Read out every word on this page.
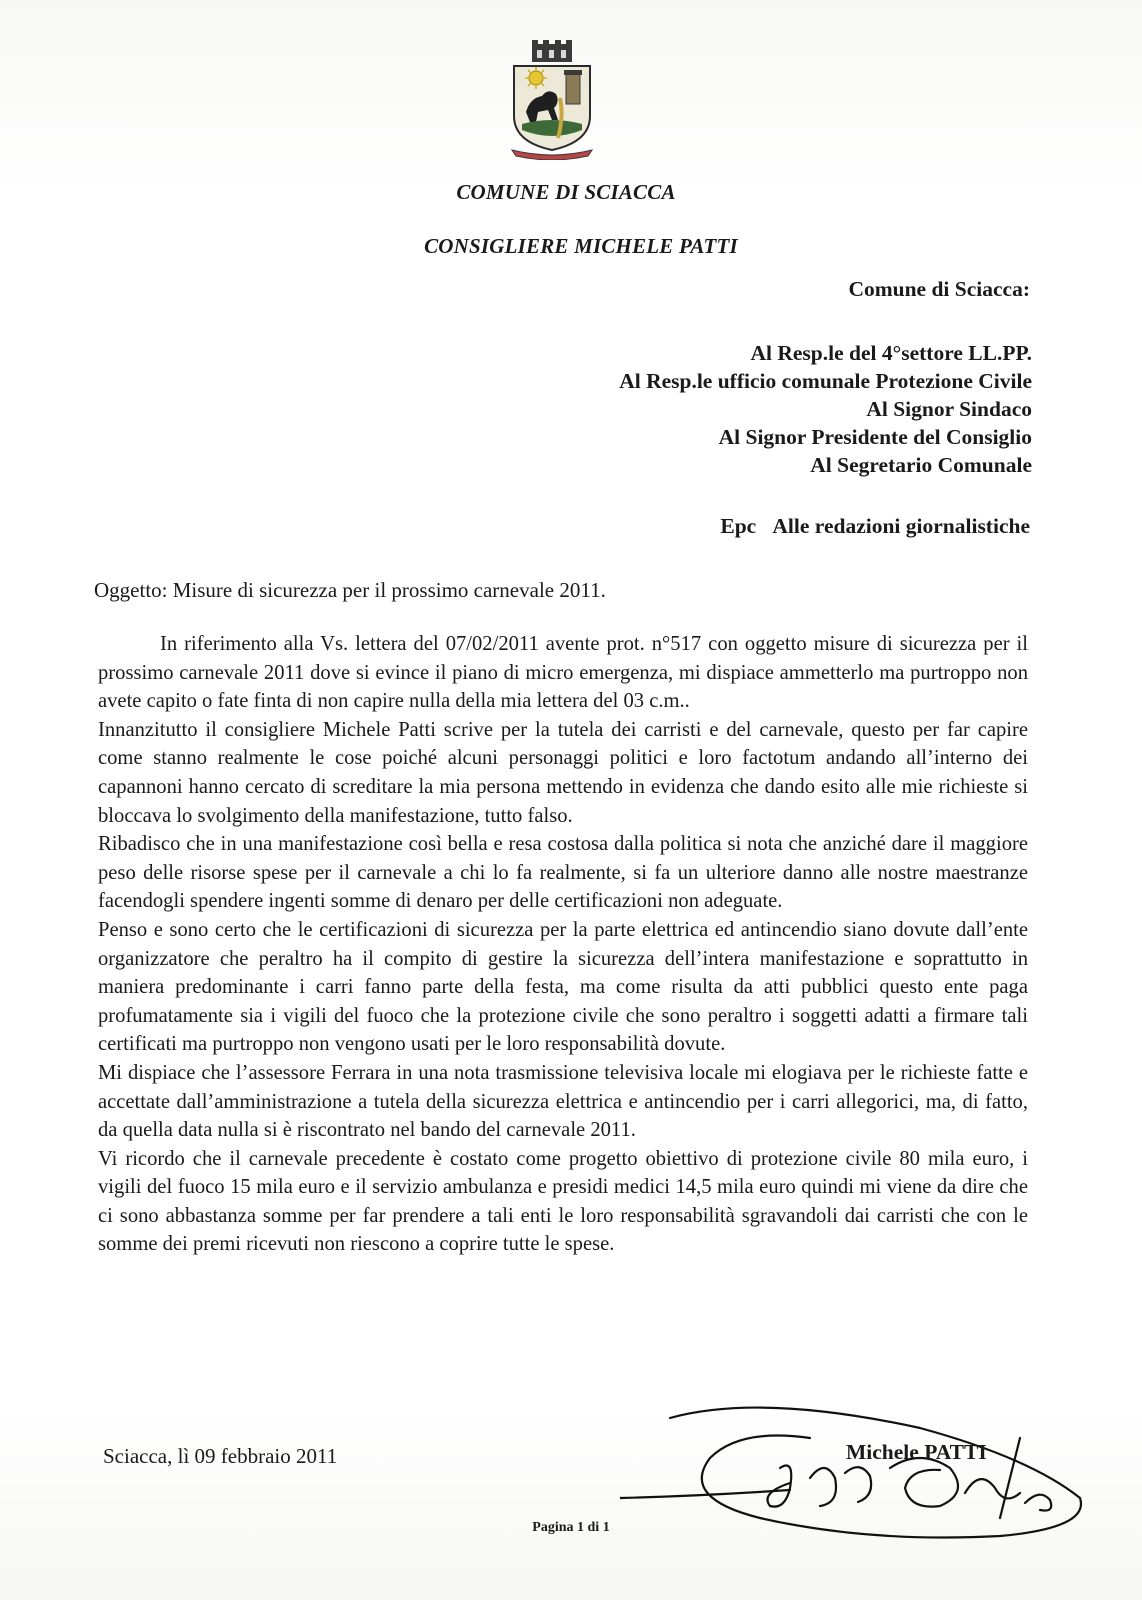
COMUNE DI SCIACCA
CONSIGLIERE MICHELE PATTI
Comune di Sciacca:
Al Resp.le del 4°settore LL.PP.
Al Resp.le ufficio comunale Protezione Civile
Al Signor Sindaco
Al Signor Presidente del Consiglio
Al Segretario Comunale
Epc Alle redazioni giornalistiche
Oggetto: Misure di sicurezza per il prossimo carnevale 2011.

In riferimento alla Vs. lettera del 07/02/2011 avente prot. n°517 con oggetto misure di sicurezza per il prossimo carnevale 2011 dove si evince il piano di micro emergenza, mi dispiace ammetterlo ma purtroppo non avete capito o fate finta di non capire nulla della mia lettera del 03 c.m..

Innanzitutto il consigliere Michele Patti scrive per la tutela dei carristi e del carnevale, questo per far capire come stanno realmente le cose poiché alcuni personaggi politici e loro factotum andando all’interno dei capannoni hanno cercato di screditare la mia persona mettendo in evidenza che dando esito alle mie richieste si bloccava lo svolgimento della manifestazione, tutto falso.

Ribadisco che in una manifestazione così bella e resa costosa dalla politica si nota che anziché dare il maggiore peso delle risorse spese per il carnevale a chi lo fa realmente, si fa un ulteriore danno alle nostre maestranze facendogli spendere ingenti somme di denaro per delle certificazioni non adeguate.

Penso e sono certo che le certificazioni di sicurezza per la parte elettrica ed antincendio siano dovute dall’ente organizzatore che peraltro ha il compito di gestire la sicurezza dell’intera manifestazione e soprattutto in maniera predominante i carri fanno parte della festa, ma come risulta da atti pubblici questo ente paga profumatamente sia i vigili del fuoco che la protezione civile che sono peraltro i soggetti adatti a firmare tali certificati ma purtroppo non vengono usati per le loro responsabilità dovute.

Mi dispiace che l’assessore Ferrara in una nota trasmissione televisiva locale mi elogiava per le richieste fatte e accettate dall’amministrazione a tutela della sicurezza elettrica e antincendio per i carri allegorici, ma, di fatto, da quella data nulla si è riscontrato nel bando del carnevale 2011.

Vi ricordo che il carnevale precedente è costato come progetto obiettivo di protezione civile 80 mila euro, i vigili del fuoco 15 mila euro e il servizio ambulanza e presidi medici 14,5 mila euro quindi mi viene da dire che ci sono abbastanza somme per far prendere a tali enti le loro responsabilità sgravandoli dai carristi che con le somme dei premi ricevuti non riescono a coprire tutte le spese.

Sciacca, lì 09 febbraio 2011	Michele PATTI
Pagina 1 di 1
